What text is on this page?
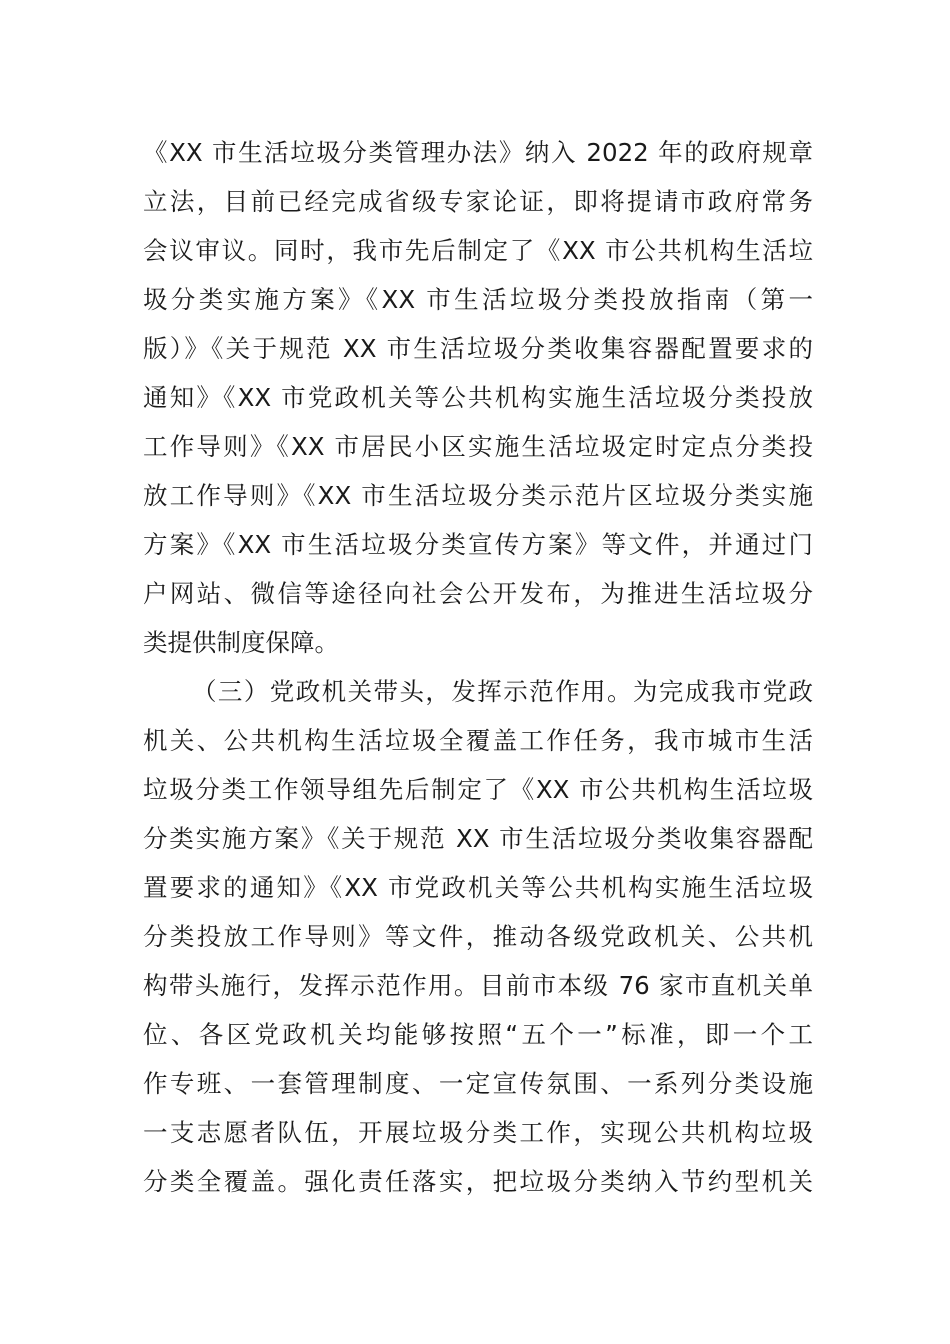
《XX 市生活垃圾分类管理办法》纳入 2022 年的政府规章
立法，目前已经完成省级专家论证，即将提请市政府常务
会议审议。同时，我市先后制定了《XX 市公共机构生活垃
圾分类实施方案》《XX 市生活垃圾分类投放指南（第一
版）》《关于规范 XX 市生活垃圾分类收集容器配置要求的
通知》《XX 市党政机关等公共机构实施生活垃圾分类投放
工作导则》《XX 市居民小区实施生活垃圾定时定点分类投
放工作导则》《XX 市生活垃圾分类示范片区垃圾分类实施
方案》《XX 市生活垃圾分类宣传方案》等文件，并通过门
户网站、微信等途径向社会公开发布，为推进生活垃圾分
类提供制度保障。
（三）党政机关带头，发挥示范作用。为完成我市党政
机关、公共机构生活垃圾全覆盖工作任务，我市城市生活
垃圾分类工作领导组先后制定了《XX 市公共机构生活垃圾
分类实施方案》《关于规范 XX 市生活垃圾分类收集容器配
置要求的通知》《XX 市党政机关等公共机构实施生活垃圾
分类投放工作导则》等文件，推动各级党政机关、公共机
构带头施行，发挥示范作用。目前市本级 76 家市直机关单
位、各区党政机关均能够按照“五个一”标准，即一个工
作专班、一套管理制度、一定宣传氛围、一系列分类设施
一支志愿者队伍，开展垃圾分类工作，实现公共机构垃圾
分类全覆盖。强化责任落实，把垃圾分类纳入节约型机关
